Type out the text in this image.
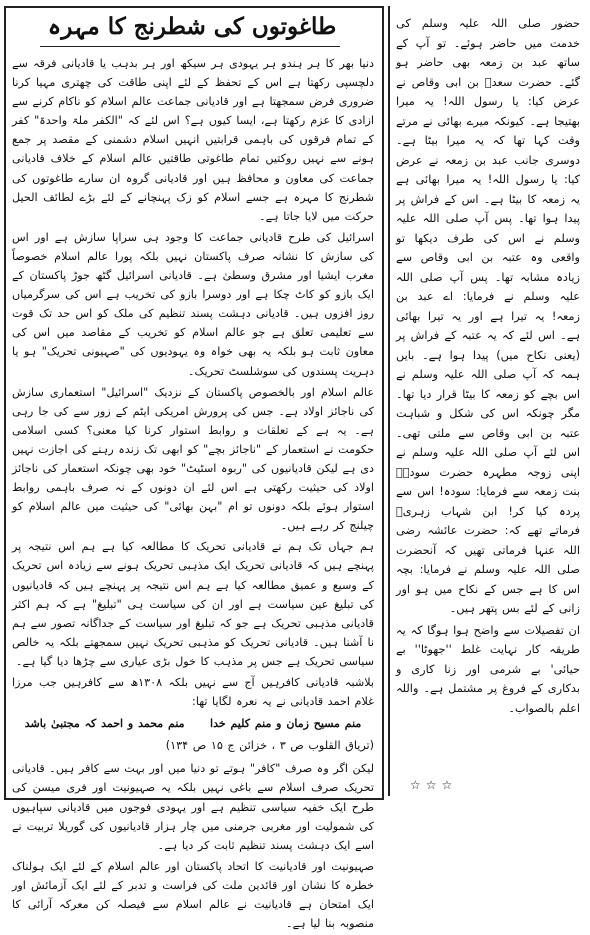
طاغوتوں کی شطرنج کا مہرہ

دنیا بھر کا ہر ہندو ہر یہودی ہر سیکھ اور ہر بدہب یا قادیانی فرقہ سے دلچسپی رکھتا ہے اس کے تحفظ کے لئے اپنی طاقت کی چھتری مہیا کرنا ضروری فرض سمجھتا ہے اور قادیانی جماعت عالم اسلام کو ناکام کرنے سے ازادی کا عزم رکھتا ہے، ایسا کیوں ہے؟ اس لئے کہ "الکفر ملۃ واحدۃ" کفر کے تمام فرقوں کی باہمی قرابتیں انہیں اسلام دشمنی کے مقصد پر جمع ہونے سے نہیں روکتیں تمام طاغوتی طاقتیں عالم اسلام کے خلاف قادیانی جماعت کی معاون و محافظ ہیں اور قادیانی گروہ ان سارے طاغوتوں کی شطرنج کا مہرہ ہے جسے اسلام کو زک پہنچانے کے لئے بڑے لطائف الحیل حرکت میں لایا جاتا ہے۔

اسرائیل کی طرح قادیانی جماعت کا وجود ہی سراپا سازش ہے اور اس کی سازش کا نشانہ صرف پاکستان نہیں بلکہ پورا عالم اسلام خصوصاً مغرب ایشیا اور مشرق وسطیٰ ہے۔ قادیانی اسرائیل گٹھ جوڑ پاکستان کے ایک بازو کو کاٹ چکا ہے اور دوسرا بازو کی تخریب ہے اس کی سرگرمیاں روز افزوں ہیں۔ قادیانی دہشت پسند تنظیم کی ملک کو اس حد تک قوت سے تعلیمی تعلق ہے جو عالم اسلام کو تخریب کے مقاصد میں اس کی معاون ثابت ہو بلکہ یہ بھی خواہ وہ یہودیوں کی "صہیونی تحریک" ہو یا دہریت پسندوں کی سوشلسٹ تحریک۔

عالم اسلام اور بالخصوص پاکستان کے نزدیک "اسرائیل" استعماری سازش کی ناجائز اولاد ہے۔ جس کی پرورش امریکی ایٹم کے زور سے کی جا رہی ہے۔ یہ ہے کے تعلقات و روابط استوار کرنا کیا معنی؟ کسی اسلامی حکومت نے استعمار کے "ناجائز بچے" کو ابھی تک زندہ رہنے کی اجازت نہیں دی ہے لیکن قادیانیوں کی "ربوہ اسٹیٹ" خود بھی چونکہ استعمار کی ناجائز اولاد کی حیثیت رکھتی ہے اس لئے ان دونوں کے نہ صرف باہمی روابط استوار ہوئے بلکہ دونوں تو ام "بہن بھائی" کی حیثیت میں عالم اسلام کو چیلنج کر رہے ہیں۔

ہم جہاں تک ہم نے قادیانی تحریک کا مطالعہ کیا ہے ہم اس نتیجہ پر پہنچے ہیں کہ قادیانی تحریک ایک مذہبی تحریک ہونے سے زیادہ اس تحریک کے وسیع و عمیق مطالعہ کیا ہے ہم اس نتیجہ پر پہنچے ہیں کہ قادیانیوں کی تبلیغ عین سیاست ہے اور ان کی سیاست ہی "تبلیغ" ہے کہ ہم اکثر قادیانی مذہبی تحریک ہے جو کہ تبلیغ اور سیاست کے جداگانہ تصور سے ہم نا آشنا ہیں۔ قادیانی تحریک کو مذہبی تحریک نہیں سمجھتے بلکہ یہ خالص سیاسی تحریک ہے جس پر مذہب کا خول بڑی عیاری سے چڑھا دیا گیا ہے۔

بلاشبہ قادیانی کافرہیں آج سے نہیں بلکہ ۱۳۰۸ھ سے کافرہیں جب مرزا غلام احمد قادیانی نے یہ نعرہ لگایا تھا:

منم مسیح زمان و منم کلیم خدا
منم محمد و احمد کہ مجتبیٰ باشد
(تریاق القلوب ص ۳ ، خزائن ج ۱۵ ص ۱۳۴)

لیکن اگر وہ صرف "کافر" ہوتے تو دنیا میں اور بہت سے کافر ہیں۔ قادیانی تحریک صرف اسلام سے باغی نہیں بلکہ یہ صہیونیت اور فری میسن کی طرح ایک خفیہ سیاسی تنظیم ہے اور یہودی فوجوں میں قادیانی سپاہیوں کی شمولیت اور مغربی جرمنی میں چار ہزار قادیانیوں کی گوریلا تربیت نے اسے ایک دہشت پسند تنظیم ثابت کر دیا ہے۔

صہیونیت اور قادیانیت کا اتحاد پاکستان اور عالم اسلام کے لئے ایک ہولناک خطرہ کا نشان اور قائدین ملت کی فراست و تدبر کے لئے ایک آزمائش اور ایک امتحان ہے قادیانیت نے عالم اسلام سے فیصلہ کن معرکہ آرائی کا منصوبہ بنا لیا ہے۔

حضور صلی اللہ علیہ وسلم کی خدمت میں حاضر ہوئے۔ تو آپ کے ساتھ عبد بن زمعہ بھی حاضر ہو گئے۔ حضرت سعدؓ بن ابی وقاص نے عرض کیا: یا رسول اللہ! یہ میرا بھتیجا ہے۔ کیونکہ میرے بھائی نے مرتے وقت کہا تھا کہ یہ میرا بیٹا ہے۔ دوسری جانب عبد بن زمعہ نے عرض کیا: یا رسول اللہ! یہ میرا بھائی ہے یہ زمعہ کا بیٹا ہے۔ اس کے فراش پر پیدا ہوا تھا۔ پس آپ صلی اللہ علیہ وسلم نے اس کی طرف دیکھا تو واقعی وہ عتبہ بن ابی وقاص سے زیادہ مشابہ تھا۔ پس آپ صلی اللہ علیہ وسلم نے فرمایا: اے عبد بن زمعہ! یہ تیرا ہے اور یہ تیرا بھائی ہے۔ اس لئے کہ یہ عتبہ کے فراش پر (یعنی نکاح میں) پیدا ہوا ہے۔ بایں ہمہ کہ آپ صلی اللہ علیہ وسلم نے اس بچے کو زمعہ کا بیٹا قرار دیا تھا۔ مگر چونکہ اس کی شکل و شباہت عتبہ بن ابی وقاص سے ملتی تھی۔ اس لئے آپ صلی اللہ علیہ وسلم نے اپنی زوجہ مطہرہ حضرت سودہؓ بنت زمعہ سے فرمایا: سودہ! اس سے پردہ کیا کر! ابن شہاب زہریؒ فرماتے تھے کہ: حضرت عائشہ رضی اللہ عنہا فرماتی تھیں کہ آنحضرت صلی اللہ علیہ وسلم نے فرمایا: بچہ اس کا ہے جس کے نکاح میں ہو اور زانی کے لئے بس پتھر ہیں۔

ان تفصیلات سے واضح ہوا ہوگا کہ یہ طریقہ کار نہایت غلط ''جھوٹا'' بے حیائی' بے شرمی اور زنا کاری و بدکاری کے فروغ پر مشتمل ہے۔ واللہ اعلم بالصواب۔

☆☆☆
